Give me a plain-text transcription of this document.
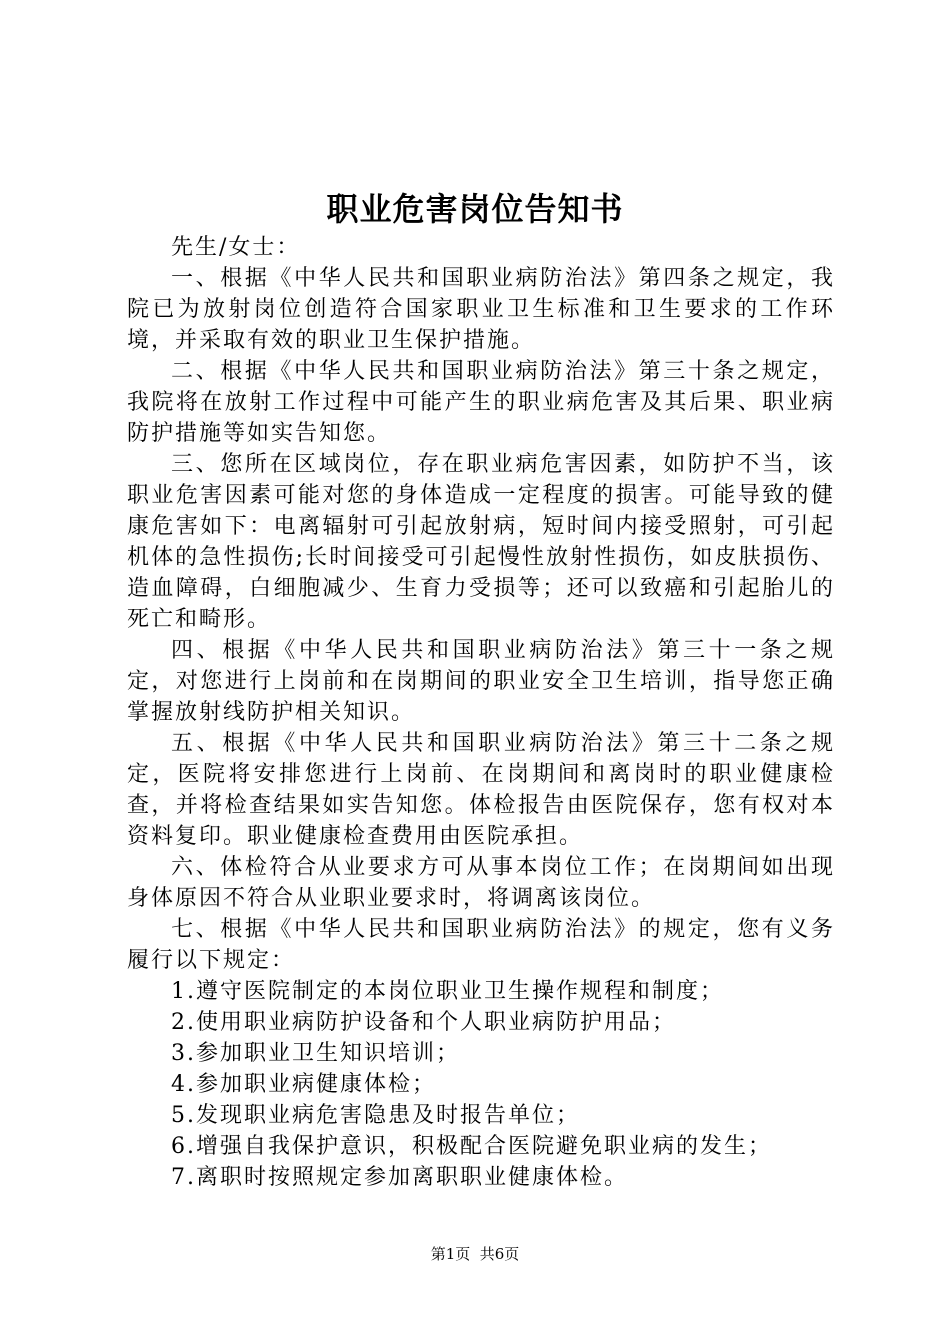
职业危害岗位告知书

先生/女士：

一、根据《中华人民共和国职业病防治法》第四条之规定，我院已为放射岗位创造符合国家职业卫生标准和卫生要求的工作环境，并采取有效的职业卫生保护措施。

二、根据《中华人民共和国职业病防治法》第三十条之规定，我院将在放射工作过程中可能产生的职业病危害及其后果、职业病防护措施等如实告知您。

三、您所在区域岗位，存在职业病危害因素，如防护不当，该职业危害因素可能对您的身体造成一定程度的损害。可能导致的健康危害如下：电离辐射可引起放射病，短时间内接受照射，可引起机体的急性损伤;长时间接受可引起慢性放射性损伤，如皮肤损伤、造血障碍，白细胞减少、生育力受损等；还可以致癌和引起胎儿的死亡和畸形。

四、根据《中华人民共和国职业病防治法》第三十一条之规定，对您进行上岗前和在岗期间的职业安全卫生培训，指导您正确掌握放射线防护相关知识。

五、根据《中华人民共和国职业病防治法》第三十二条之规定，医院将安排您进行上岗前、在岗期间和离岗时的职业健康检查，并将检查结果如实告知您。体检报告由医院保存，您有权对本资料复印。职业健康检查费用由医院承担。

六、体检符合从业要求方可从事本岗位工作；在岗期间如出现身体原因不符合从业职业要求时，将调离该岗位。

七、根据《中华人民共和国职业病防治法》的规定，您有义务履行以下规定：

1.遵守医院制定的本岗位职业卫生操作规程和制度；

2.使用职业病防护设备和个人职业病防护用品；

3.参加职业卫生知识培训；

4.参加职业病健康体检；

5.发现职业病危害隐患及时报告单位；

6.增强自我保护意识，积极配合医院避免职业病的发生；

7.离职时按照规定参加离职职业健康体检。

第1页  共6页
